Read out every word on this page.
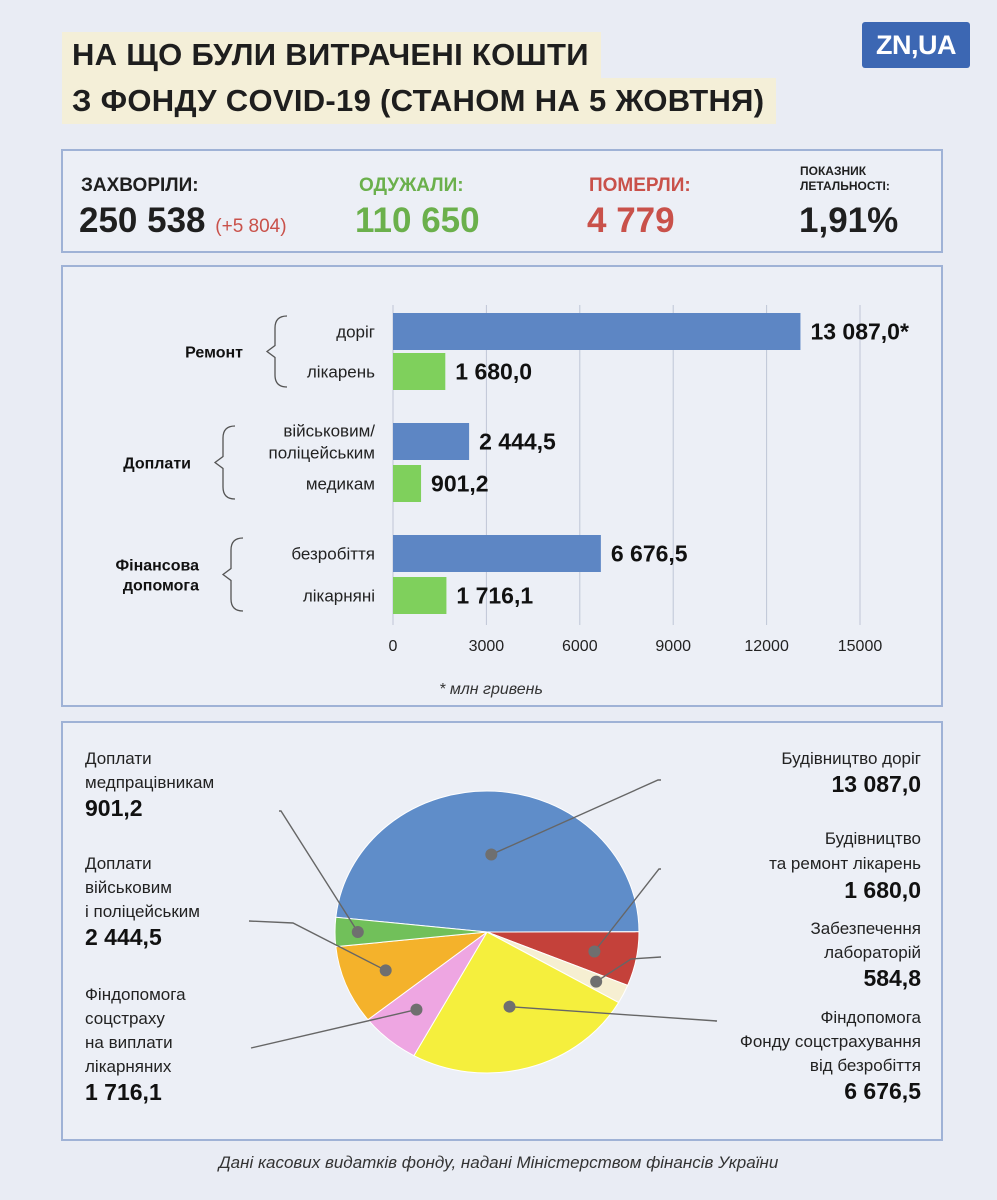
НА ЩО БУЛИ ВИТРАЧЕНІ КОШТИ
З ФОНДУ COVID-19 (СТАНОМ НА 5 ЖОВТНЯ)
ZN,UA
ЗАХВОРІЛИ:
250 538 (+5 804)
ОДУЖАЛИ:
110 650
ПОМЕРЛИ:
4 779
ПОКАЗНИК
ЛЕТАЛЬНОСТІ:
1,91%
0	3000	6000	9000	12000	15000
Ремонт
13 087,0*
доріг
1 680,0
лікарень
Доплати
2 444,5
військовим/ поліцейським
901,2
медикам
Фінансова допомога
6 676,5
безробіття
1 716,1
лікарняні
* млн гривень
Будівництво доріг
13 087,0
Будівництво та ремонт лікарень
1 680,0
Забезпечення лабораторій
584,8
Фіндопомога Фонду соцстрахування від безробіття
6 676,5
Фіндопомога соцстраху на виплати лікарняних
1 716,1
Доплати військовим і поліцейським
2 444,5
Доплати медпрацівникам
901,2
Дані касових видатків фонду, надані Міністерством фінансів України
